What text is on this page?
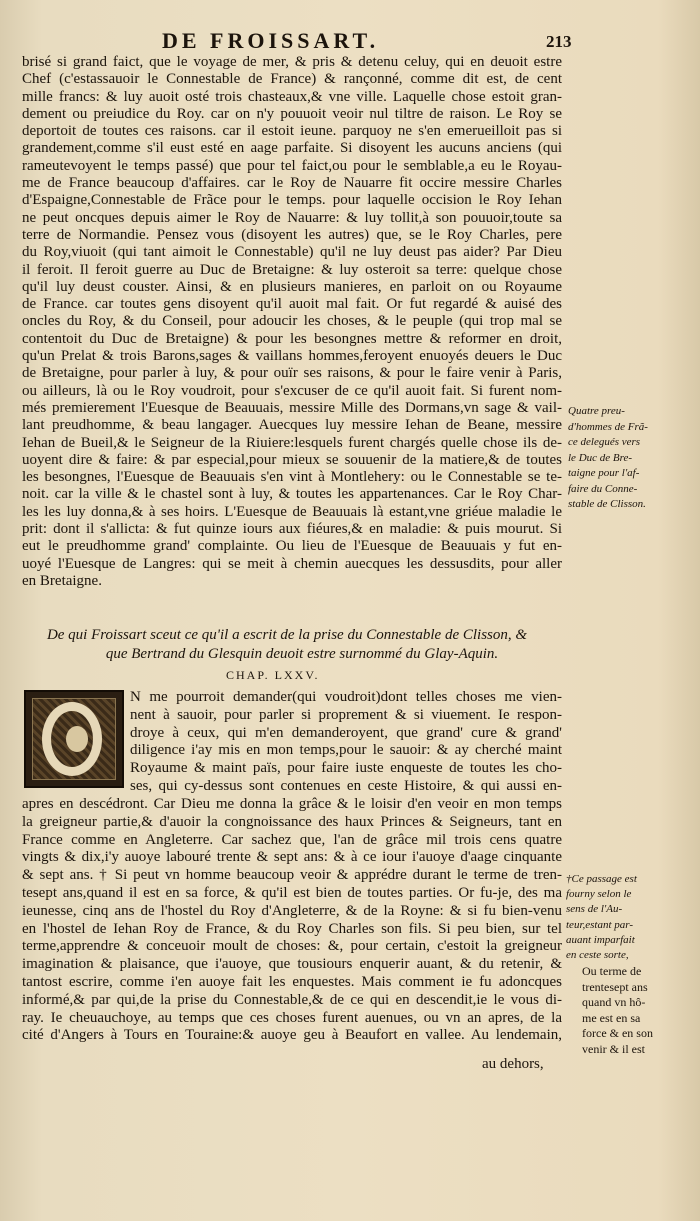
DE FROISSART.	213

brisé si grand faict, que le voyage de mer, & pris & detenu celuy, qui en deuoit estre

Chef (c'estassauoir le Connestable de France) & rançonné, comme dit est, de cent

mille francs: & luy auoit osté trois chasteaux,& vne ville. Laquelle chose estoit gran-

dement ou preiudice du Roy. car on n'y pouuoit veoir nul tiltre de raison. Le Roy se

deportoit de toutes ces raisons. car il estoit ieune. parquoy ne s'en emerueilloit pas si

grandement,comme s'il eust esté en aage parfaite. Si disoyent les aucuns anciens (qui

rameutevoyent le temps passé) que pour tel faict,ou pour le semblable,a eu le Royau-

me de France beaucoup d'affaires. car le Roy de Nauarre fit occire messire Charles

d'Espaigne,Connestable de Frãce pour le temps. pour laquelle occision le Roy Iehan

ne peut oncques depuis aimer le Roy de Nauarre: & luy tollit,à son pouuoir,toute sa

terre de Normandie. Pensez vous (disoyent les autres) que, se le Roy Charles, pere

du Roy,viuoit (qui tant aimoit le Connestable) qu'il ne luy deust pas aider? Par Dieu

il feroit. Il feroit guerre au Duc de Bretaigne: & luy osteroit sa terre: quelque chose

qu'il luy deust couster. Ainsi, & en plusieurs manieres, en parloit on ou Royaume

de France. car toutes gens disoyent qu'il auoit mal fait. Or fut regardé & auisé des

oncles du Roy, & du Conseil, pour adoucir les choses, & le peuple (qui trop mal se

contentoit du Duc de Bretaigne) & pour les besongnes mettre & reformer en droit,

qu'un Prelat & trois Barons,sages & vaillans hommes,feroyent enuoyés deuers le Duc

de Bretaigne, pour parler à luy, & pour ouïr ses raisons, & pour le faire venir à Paris,

ou ailleurs, là ou le Roy voudroit, pour s'excuser de ce qu'il auoit fait. Si furent nom-

més premierement l'Euesque de Beauuais, messire Mille des Dormans,vn sage & vail-

lant preudhomme, & beau langager. Auecques luy messire Iehan de Beane, messire

Iehan de Bueil,& le Seigneur de la Riuiere:lesquels furent chargés quelle chose ils de-

uoyent dire & faire: & par especial,pour mieux se souuenir de la matiere,& de toutes

les besongnes, l'Euesque de Beauuais s'en vint à Montlehery: ou le Connestable se te-

noit. car la ville & le chastel sont à luy, & toutes les appartenances. Car le Roy Char-

les les luy donna,& à ses hoirs. L'Euesque de Beauuais là estant,vne griéue maladie le

prit: dont il s'allicta: & fut quinze iours aux fiéures,& en maladie: & puis mourut. Si

eut le preudhomme grand' complainte. Ou lieu de l'Euesque de Beauuais y fut en-

uoyé l'Euesque de Langres: qui se meit à chemin auecques les dessusdits, pour aller

en Bretaigne.

Quatre preu-
d'hommes de Frã-
ce delegués vers
le Duc de Bre-
taigne pour l'af-
faire du Conne-
stable de Clisson.
De qui Froissart sceut ce qu'il a escrit de la prise du Connestable de Clisson, &
que Bertrand du Glesquin deuoit estre surnommé du Glay-Aquin.
CHAP. LXXV.

N me pourroit demander(qui voudroit)dont telles choses me vien-

nent à sauoir, pour parler si proprement & si viuement. Ie respon-

droye à ceux, qui m'en demanderoyent, que grand' cure & grand'

diligence i'ay mis en mon temps,pour le sauoir: & ay cherché maint

Royaume & maint païs, pour faire iuste enqueste de toutes les cho-

ses, qui cy-dessus sont contenues en ceste Histoire, & qui aussi en-

apres en descédront. Car Dieu me donna la grâce & le loisir d'en veoir en mon temps

la greigneur partie,& d'auoir la congnoissance des haux Princes & Seigneurs, tant en

France comme en Angleterre. Car sachez que, l'an de grâce mil trois cens quatre

vingts & dix,i'y auoye labouré trente & sept ans: & à ce iour i'auoye d'aage cinquante

& sept ans. † Si peut vn homme beaucoup veoir & apprédre durant le terme de tren-

tesept ans,quand il est en sa force, & qu'il est bien de toutes parties. Or fu-je, des ma

ieunesse, cinq ans de l'hostel du Roy d'Angleterre, & de la Royne: & si fu bien-venu

en l'hostel de Iehan Roy de France, & du Roy Charles son fils. Si peu bien, sur tel

terme,apprendre & conceuoir moult de choses: &, pour certain, c'estoit la greigneur

imagination & plaisance, que i'auoye, que tousiours enquerir auant, & du retenir, &

tantost escrire, comme i'en auoye fait les enquestes. Mais comment ie fu adoncques

informé,& par qui,de la prise du Connestable,& de ce qui en descendit,ie le vous di-

ray. Ie cheuauchoye, au temps que ces choses furent auenues, ou vn an apres, de la

cité d'Angers à Tours en Touraine:& auoye geu à Beaufort en vallee. Au lendemain,

au dehors,
†Ce passage est
fourny selon le
sens de l'Au-
teur,estant par-
auant imparfait
en ceste sorte,
Ou terme de
trentesept ans
quand vn hô-
me est en sa
force & en son
venir & il est
